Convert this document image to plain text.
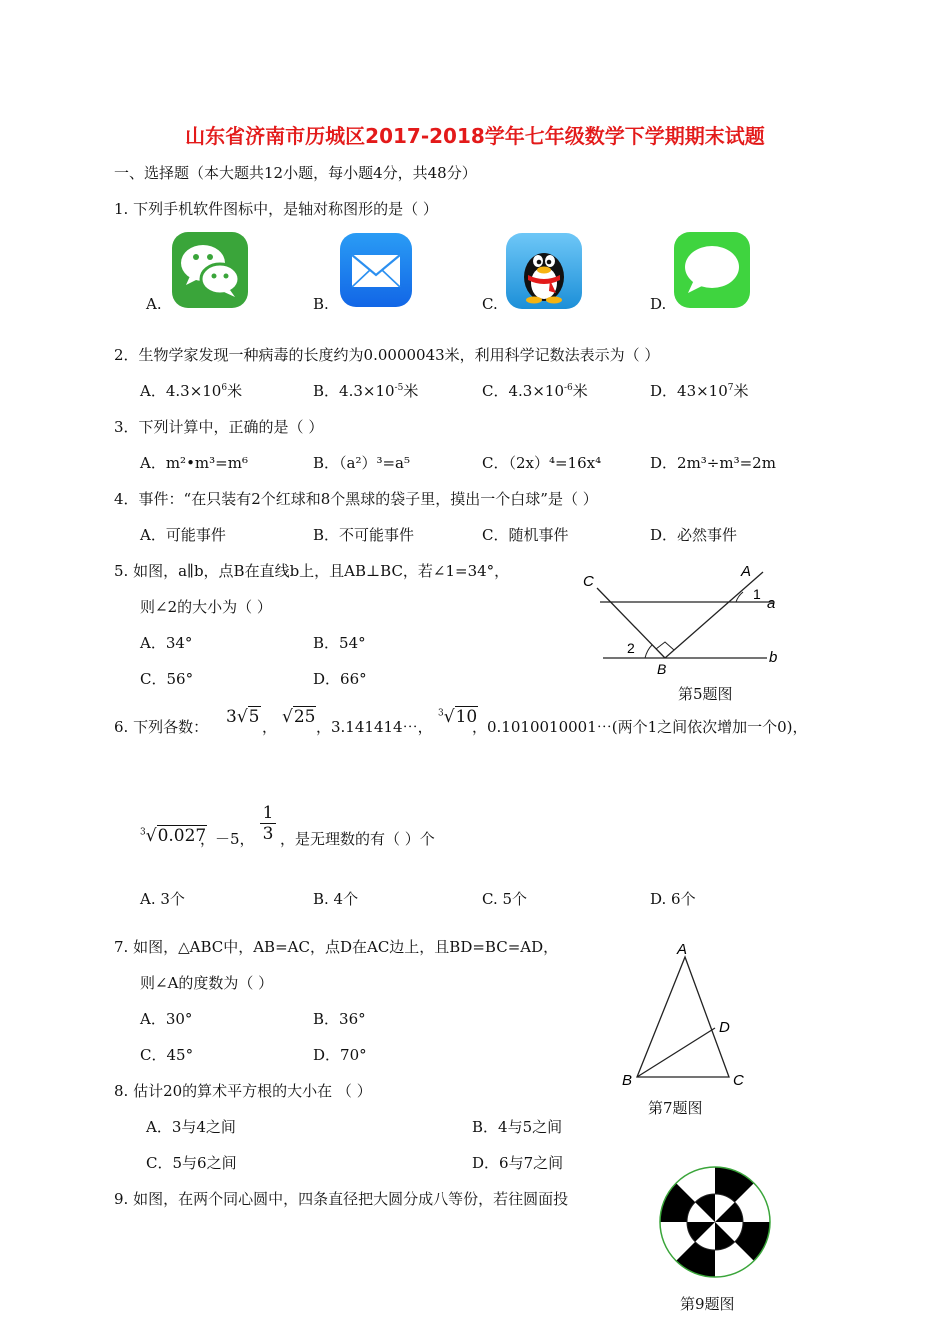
山东省济南市历城区2017-2018学年七年级数学下学期期末试题
一、选择题（本大题共12小题，每小题4分，共48分）
1. 下列手机软件图标中，是轴对称图形的是（ ）
A.	B.	C.	D.
2．生物学家发现一种病毒的长度约为0.0000043米，利用科学记数法表示为（ ）
A．$4.3\times 10^6$米	B．$4.3\times 10^{-5}$米	C．$4.3\times 10^{-6}$米	D．$43\times 10^7$米
3．下列计算中，正确的是（ ）
A．m²•m³=m⁶	B．（a²）³=a⁵	C．（2x）⁴=16x⁴	D．2m³÷m³=2m
4．事件：“在只装有2个红球和8个黑球的袋子里，摸出一个白球”是（ ）
A．可能事件	B．不可能事件	C．随机事件	D．必然事件
5. 如图，a∥b，点B在直线b上，且AB⊥BC，若∠1=34°，
则∠2的大小为（ ）
A．34°	B．54°
C．56°	D．66°
C
A
1
a
2
B
b
第5题图
6. 下列各数： 3√5 ， √25 ，3.141414⋯，
$^3$√10
，0.1010010001⋯(两个1之间依次增加一个0)，
$^3$√0.027
，－5， $\frac{1}{3}$ ，是无理数的有（ ）个
A. 3个	B. 4个	C. 5个	D. 6个
7. 如图，△ABC中，AB=AC，点D在AC边上，且BD=BC=AD，
则∠A的度数为（ ）
A．30°	B．36°
C．45°	D．70°
A
D
B	C
第7题图
8. 估计20的算术平方根的大小在 （ ）
A．3与4之间	B．4与5之间
C．5与6之间	D．6与7之间
9. 如图，在两个同心圆中，四条直径把大圆分成八等份，若往圆面投
第9题图
